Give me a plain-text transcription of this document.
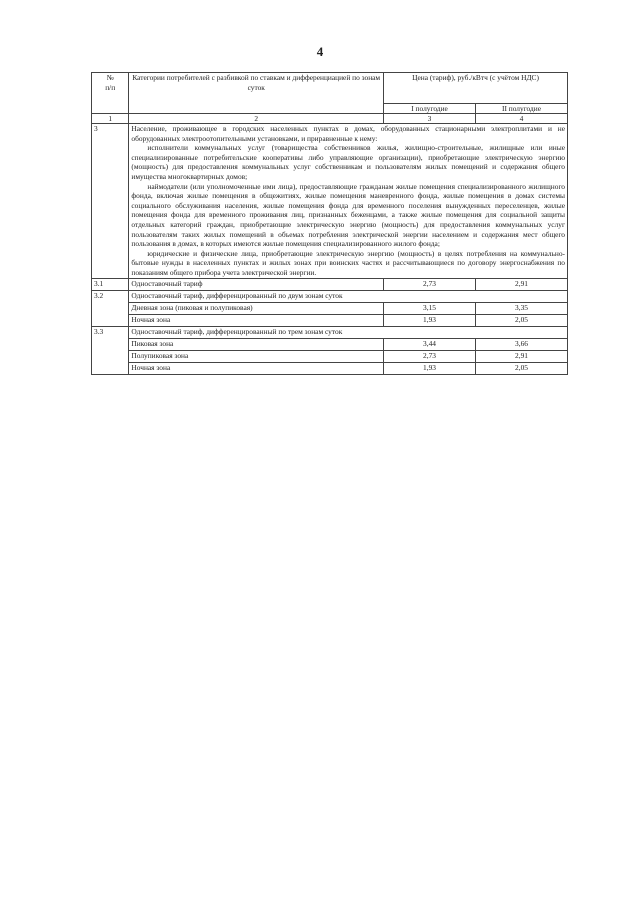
4
№
п/п	Категории потребителей с разбивкой по ставкам и дифференциацией по зонам суток	Цена (тариф), руб./кВтч (с учётом НДС)	
		I полугодие	II полугодие
1	2	3	4
3	Население, проживающее в городских населенных пунктах в домах, оборудованных стационарными электроплитами и не оборудованных электроотопительными установками, и приравненные к нему:

исполнители коммунальных услуг (товарищества собственников жилья, жилищно-строительные, жилищные или иные специализированные потребительские кооперативы либо управляющие организации), приобретающие электрическую энергию (мощность) для предоставления коммунальных услуг собственникам и пользователям жилых помещений и содержания общего имущества многоквартирных домов;

наймодатели (или уполномоченные ими лица), предоставляющие гражданам жилые помещения специализированного жилищного фонда, включая жилые помещения в общежитиях, жилые помещения маневренного фонда, жилые помещения в домах системы социального обслуживания населения, жилые помещения фонда для временного поселения вынужденных переселенцев, жилые помещения фонда для временного проживания лиц, признанных беженцами, а также жилые помещения для социальной защиты отдельных категорий граждан, приобретающие электрическую энергию (мощность) для предоставления коммунальных услуг пользователям таких жилых помещений в объемах потребления электрической энергии населением и содержания мест общего пользования в домах, в которых имеются жилые помещения специализированного жилого фонда;

юридические и физические лица, приобретающие электрическую энергию (мощность) в целях потребления на коммунально-бытовые нужды в населенных пунктах и жилых зонах при воинских частях и рассчитывающиеся по договору энергоснабжения по показаниям общего прибора учета электрической энергии.		

3.1	Одноставочный тариф	2,73	2,91
3.2	Одноставочный тариф, дифференцированный по двум зонам суток		
	Дневная зона (пиковая и полупиковая)	3,15	3,35
	Ночная зона	1,93	2,05
3.3	Одноставочный тариф, дифференцированный по трем зонам суток		
	Пиковая зона	3,44	3,66
	Полупиковая зона	2,73	2,91
	Ночная зона	1,93	2,05
